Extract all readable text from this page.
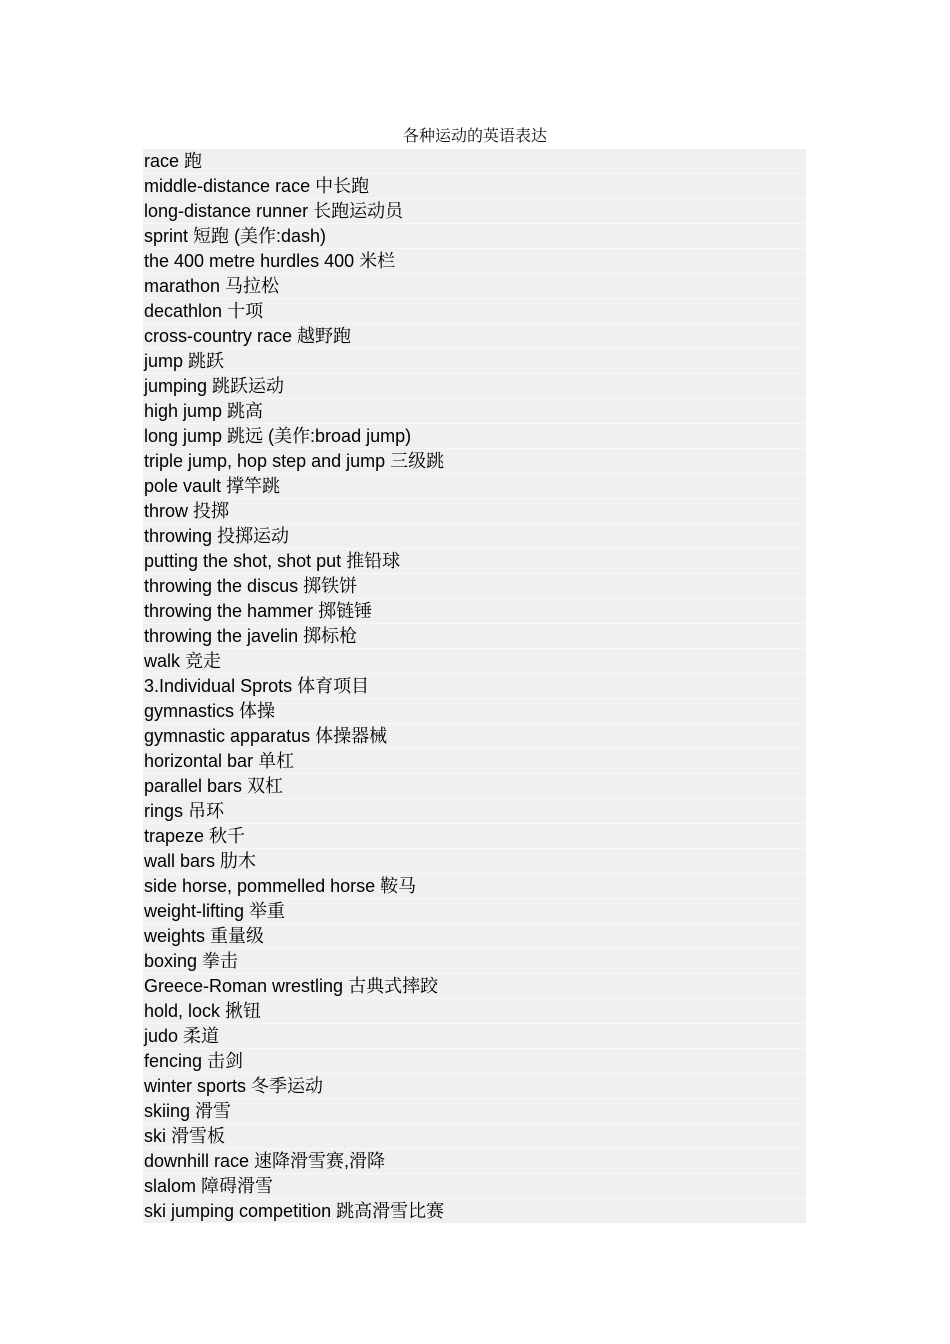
各种运动的英语表达
race 跑
middle-distance race 中长跑
long-distance runner 长跑运动员
sprint 短跑 (美作:dash)
the 400 metre hurdles 400 米栏
marathon 马拉松
decathlon 十项
cross-country race 越野跑
jump 跳跃
jumping 跳跃运动
high jump 跳高
long jump 跳远 (美作:broad jump)
triple jump, hop step and jump 三级跳
pole vault 撑竿跳
throw 投掷
throwing 投掷运动
putting the shot, shot put 推铅球
throwing the discus 掷铁饼
throwing the hammer 掷链锤
throwing the javelin 掷标枪
walk 竞走
3.Individual Sprots 体育项目
gymnastics 体操
gymnastic apparatus 体操器械
horizontal bar 单杠
parallel bars 双杠
rings 吊环
trapeze 秋千
wall bars 肋木
side horse, pommelled horse 鞍马
weight-lifting 举重
weights 重量级
boxing 拳击
Greece-Roman wrestling 古典式摔跤
hold, lock 揪钮
judo 柔道
fencing 击剑
winter sports 冬季运动
skiing 滑雪
ski 滑雪板
downhill race 速降滑雪赛,滑降
slalom 障碍滑雪
ski jumping competition 跳高滑雪比赛
